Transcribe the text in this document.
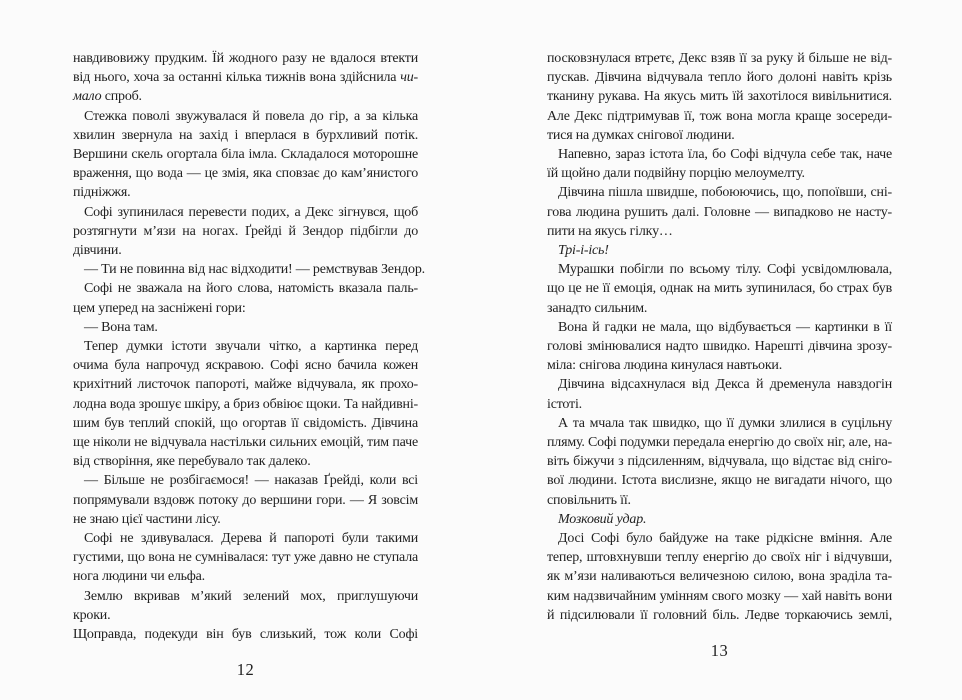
навдивовижу прудким. Їй жодного разу не вдалося втекти
від нього, хоча за останні кілька тижнів вона здійснила чи-
мало спроб.
Стежка поволі звужувалася й повела до гір, а за кілька
хвилин звернула на захід і вперлася в бурхливий потік.
Вершини скель огортала біла імла. Складалося моторошне
враження, що вода — це змія, яка сповзає до кам’янистого
підніжжя.
Софі зупинилася перевести подих, а Декс зігнувся, щоб
розтягнути м’язи на ногах. Ґрейді й Зендор підбігли до
дівчини.
— Ти не повинна від нас відходити! — ремствував Зендор.
Софі не зважала на його слова, натомість вказала паль-
цем уперед на засніжені гори:
— Вона там.
Тепер думки істоти звучали чітко, а картинка перед
очима була напрочуд яскравою. Софі ясно бачила кожен
крихітний листочок папороті, майже відчувала, як прохо-
лодна вода зрошує шкіру, а бриз обвіює щоки. Та найдивні-
шим був теплий спокій, що огортав її свідомість. Дівчина
ще ніколи не відчувала настільки сильних емоцій, тим паче
від створіння, яке перебувало так далеко.
— Більше не розбігаємося! — наказав Ґрейді, коли всі
попрямували вздовж потоку до вершини гори. — Я зовсім
не знаю цієї частини лісу.
Софі не здивувалася. Дерева й папороті були такими
густими, що вона не сумнівалася: тут уже давно не ступала
нога людини чи ельфа.
Землю вкривав м’який зелений мох, приглушуючи кроки.
Щоправда, подекуди він був слизький, тож коли Софі
12
посковзнулася втретє, Декс взяв її за руку й більше не від-
пускав. Дівчина відчувала тепло його долоні навіть крізь
тканину рукава. На якусь мить їй захотілося вивільнитися.
Але Декс підтримував її, тож вона могла краще зосереди-
тися на думках снігової людини.
Напевно, зараз істота їла, бо Софі відчула себе так, наче
їй щойно дали подвійну порцію мелоумелту.
Дівчина пішла швидше, побоюючись, що, попоївши, сні-
гова людина рушить далі. Головне — випадково не насту-
пити на якусь гілку…
Трі-і-ісь!
Мурашки побігли по всьому тілу. Софі усвідомлювала,
що це не її емоція, однак на мить зупинилася, бо страх був
занадто сильним.
Вона й гадки не мала, що відбувається — картинки в її
голові змінювалися надто швидко. Нарешті дівчина зрозу-
міла: снігова людина кинулася навтьоки.
Дівчина відсахнулася від Декса й дременула навздогін
істоті.
А та мчала так швидко, що її думки злилися в суцільну
пляму. Софі подумки передала енергію до своїх ніг, але, на-
віть біжучи з підсиленням, відчувала, що відстає від сніго-
вої людини. Істота вислизне, якщо не вигадати нічого, що
сповільнить її.
Мозковий удар.
Досі Софі було байдуже на таке рідкісне вміння. Але
тепер, штовхнувши теплу енергію до своїх ніг і відчувши,
як м’язи наливаються величезною силою, вона зраділа та-
ким надзвичайним умінням свого мозку — хай навіть вони
й підсилювали її головний біль. Ледве торкаючись землі,
13
